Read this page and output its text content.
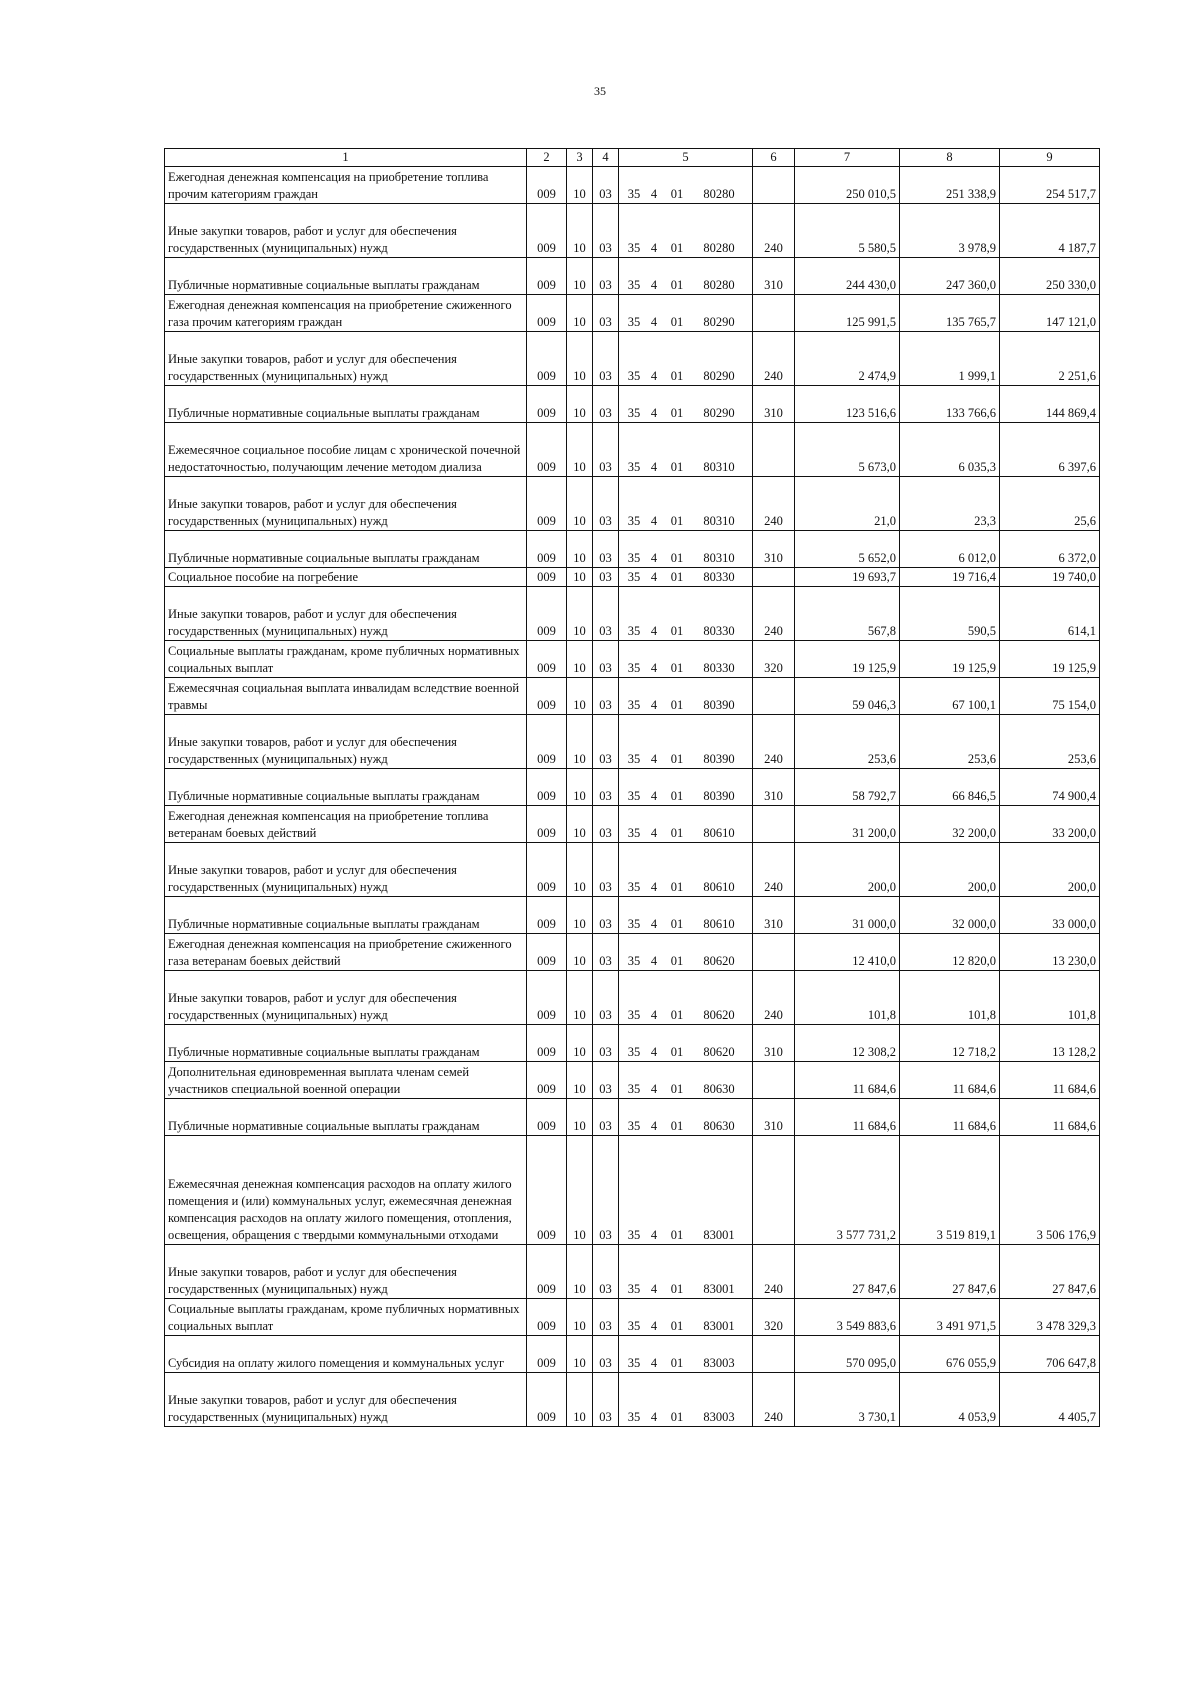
35
1	2	3	4	5	6	7	8	9
Ежегодная денежная компенсация на приобретение топлива прочим категориям граждан	009	10	03	35 4 01 80280		250 010,5	251 338,9	254 517,7
Иные закупки товаров, работ и услуг для обеспечения государственных (муниципальных) нужд	009	10	03	35 4 01 80280	240	5 580,5	3 978,9	4 187,7
Публичные нормативные социальные выплаты гражданам	009	10	03	35 4 01 80280	310	244 430,0	247 360,0	250 330,0
Ежегодная денежная компенсация на приобретение сжиженного газа прочим категориям граждан	009	10	03	35 4 01 80290		125 991,5	135 765,7	147 121,0
Иные закупки товаров, работ и услуг для обеспечения государственных (муниципальных) нужд	009	10	03	35 4 01 80290	240	2 474,9	1 999,1	2 251,6
Публичные нормативные социальные выплаты гражданам	009	10	03	35 4 01 80290	310	123 516,6	133 766,6	144 869,4
Ежемесячное социальное пособие лицам с хронической почечной недостаточностью, получающим лечение методом диализа	009	10	03	35 4 01 80310		5 673,0	6 035,3	6 397,6
Иные закупки товаров, работ и услуг для обеспечения государственных (муниципальных) нужд	009	10	03	35 4 01 80310	240	21,0	23,3	25,6
Публичные нормативные социальные выплаты гражданам	009	10	03	35 4 01 80310	310	5 652,0	6 012,0	6 372,0
Социальное пособие на погребение	009	10	03	35 4 01 80330		19 693,7	19 716,4	19 740,0
Иные закупки товаров, работ и услуг для обеспечения государственных (муниципальных) нужд	009	10	03	35 4 01 80330	240	567,8	590,5	614,1
Социальные выплаты гражданам, кроме публичных нормативных социальных выплат	009	10	03	35 4 01 80330	320	19 125,9	19 125,9	19 125,9
Ежемесячная социальная выплата инвалидам вследствие военной травмы	009	10	03	35 4 01 80390		59 046,3	67 100,1	75 154,0
Иные закупки товаров, работ и услуг для обеспечения государственных (муниципальных) нужд	009	10	03	35 4 01 80390	240	253,6	253,6	253,6
Публичные нормативные социальные выплаты гражданам	009	10	03	35 4 01 80390	310	58 792,7	66 846,5	74 900,4
Ежегодная денежная компенсация на приобретение топлива ветеранам боевых действий	009	10	03	35 4 01 80610		31 200,0	32 200,0	33 200,0
Иные закупки товаров, работ и услуг для обеспечения государственных (муниципальных) нужд	009	10	03	35 4 01 80610	240	200,0	200,0	200,0
Публичные нормативные социальные выплаты гражданам	009	10	03	35 4 01 80610	310	31 000,0	32 000,0	33 000,0
Ежегодная денежная компенсация на приобретение сжиженного газа ветеранам боевых действий	009	10	03	35 4 01 80620		12 410,0	12 820,0	13 230,0
Иные закупки товаров, работ и услуг для обеспечения государственных (муниципальных) нужд	009	10	03	35 4 01 80620	240	101,8	101,8	101,8
Публичные нормативные социальные выплаты гражданам	009	10	03	35 4 01 80620	310	12 308,2	12 718,2	13 128,2
Дополнительная единовременная выплата членам семей участников специальной военной операции	009	10	03	35 4 01 80630		11 684,6	11 684,6	11 684,6
Публичные нормативные социальные выплаты гражданам	009	10	03	35 4 01 80630	310	11 684,6	11 684,6	11 684,6
Ежемесячная денежная компенсация расходов на оплату жилого помещения и (или) коммунальных услуг, ежемесячная денежная компенсация расходов на оплату жилого помещения, отопления, освещения, обращения с твердыми коммунальными отходами	009	10	03	35 4 01 83001		3 577 731,2	3 519 819,1	3 506 176,9
Иные закупки товаров, работ и услуг для обеспечения государственных (муниципальных) нужд	009	10	03	35 4 01 83001	240	27 847,6	27 847,6	27 847,6
Социальные выплаты гражданам, кроме публичных нормативных социальных выплат	009	10	03	35 4 01 83001	320	3 549 883,6	3 491 971,5	3 478 329,3
Субсидия на оплату жилого помещения и коммунальных услуг	009	10	03	35 4 01 83003		570 095,0	676 055,9	706 647,8
Иные закупки товаров, работ и услуг для обеспечения государственных (муниципальных) нужд	009	10	03	35 4 01 83003	240	3 730,1	4 053,9	4 405,7
